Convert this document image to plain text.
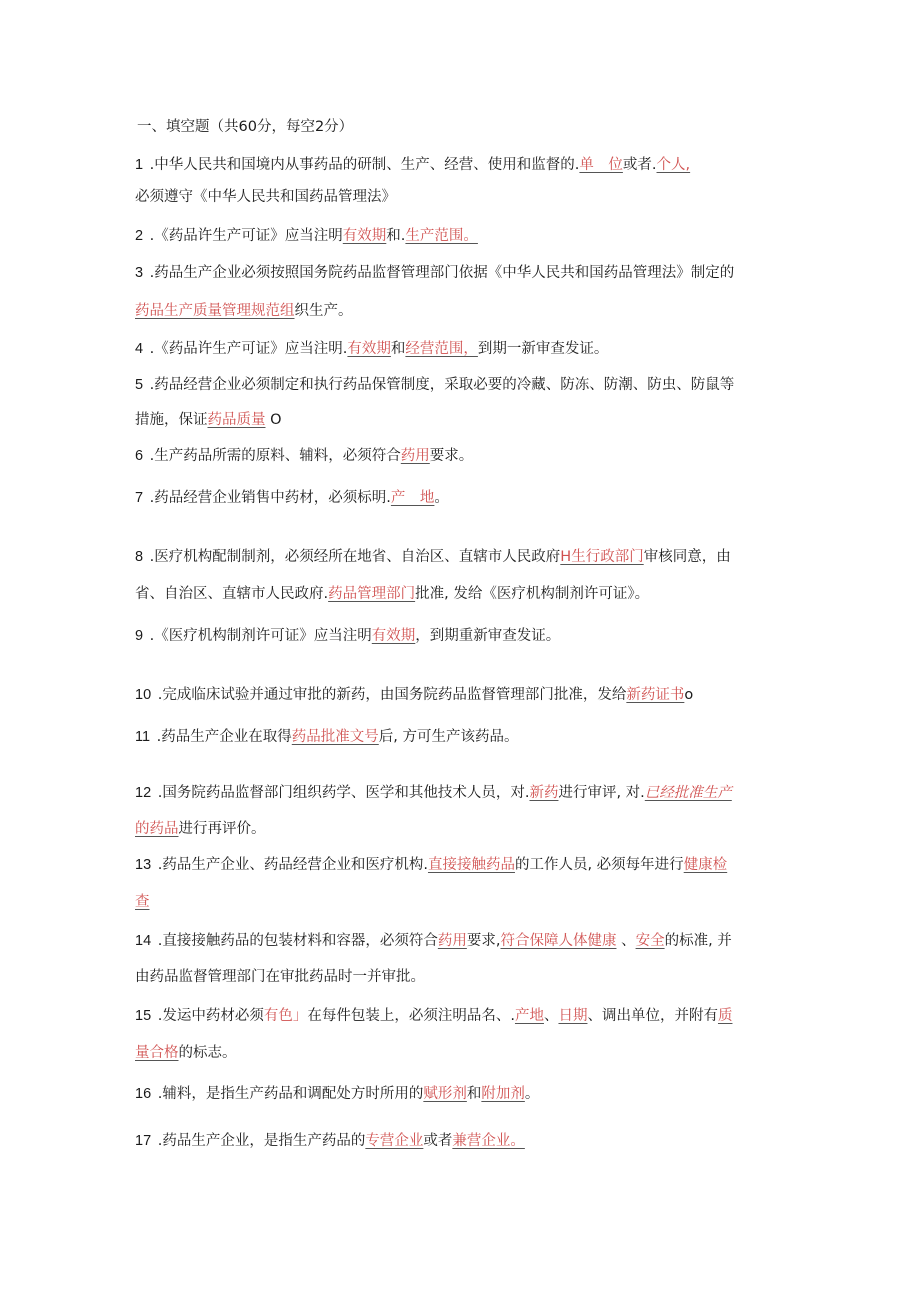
一、填空题（共60分，每空2分）
1 .中华人民共和国境内从事药品的研制、生产、经营、使用和监督的.单　位或者.个人,
必须遵守《中华人民共和国药品管理法》
2 .《药品许生产可证》应当注明有效期和.生产范围。
3 .药品生产企业必须按照国务院药品监督管理部门依据《中华人民共和国药品管理法》制定的
药品生产质量管理规范组织生产。
4 .《药品许生产可证》应当注明.有效期和经营范围，到期一新审查发证。
5 .药品经营企业必须制定和执行药品保管制度，采取必要的冷藏、防冻、防潮、防虫、防鼠等
措施，保证药品质量 O
6 .生产药品所需的原料、辅料，必须符合药用要求。
7 .药品经营企业销售中药材，必须标明.产　地。
8 .医疗机构配制制剂，必须经所在地省、自治区、直辖市人民政府H生行政部门审核同意，由
省、自治区、直辖市人民政府.药品管理部门批准, 发给《医疗机构制剂许可证》。
9 .《医疗机构制剂许可证》应当注明有效期，到期重新审查发证。
10 .完成临床试验并通过审批的新药，由国务院药品监督管理部门批准，发给新药证书o
11 .药品生产企业在取得药品批准文号后, 方可生产该药品。
12 .国务院药品监督部门组织药学、医学和其他技术人员，对.新药进行审评, 对.已经批准生产
的药品进行再评价。
13 .药品生产企业、药品经营企业和医疗机构.直接接触药品的工作人员, 必须每年进行健康检
查
14 .直接接触药品的包装材料和容器，必须符合药用要求,符合保障人体健康 、安全的标准, 并
由药品监督管理部门在审批药品时一并审批。
15 .发运中药材必须有色」在每件包装上，必须注明品名、.产地、日期、调出单位，并附有质
量合格的标志。
16 .辅料，是指生产药品和调配处方时所用的赋形剂和附加剂。
17 .药品生产企业，是指生产药品的专营企业或者兼营企业。
